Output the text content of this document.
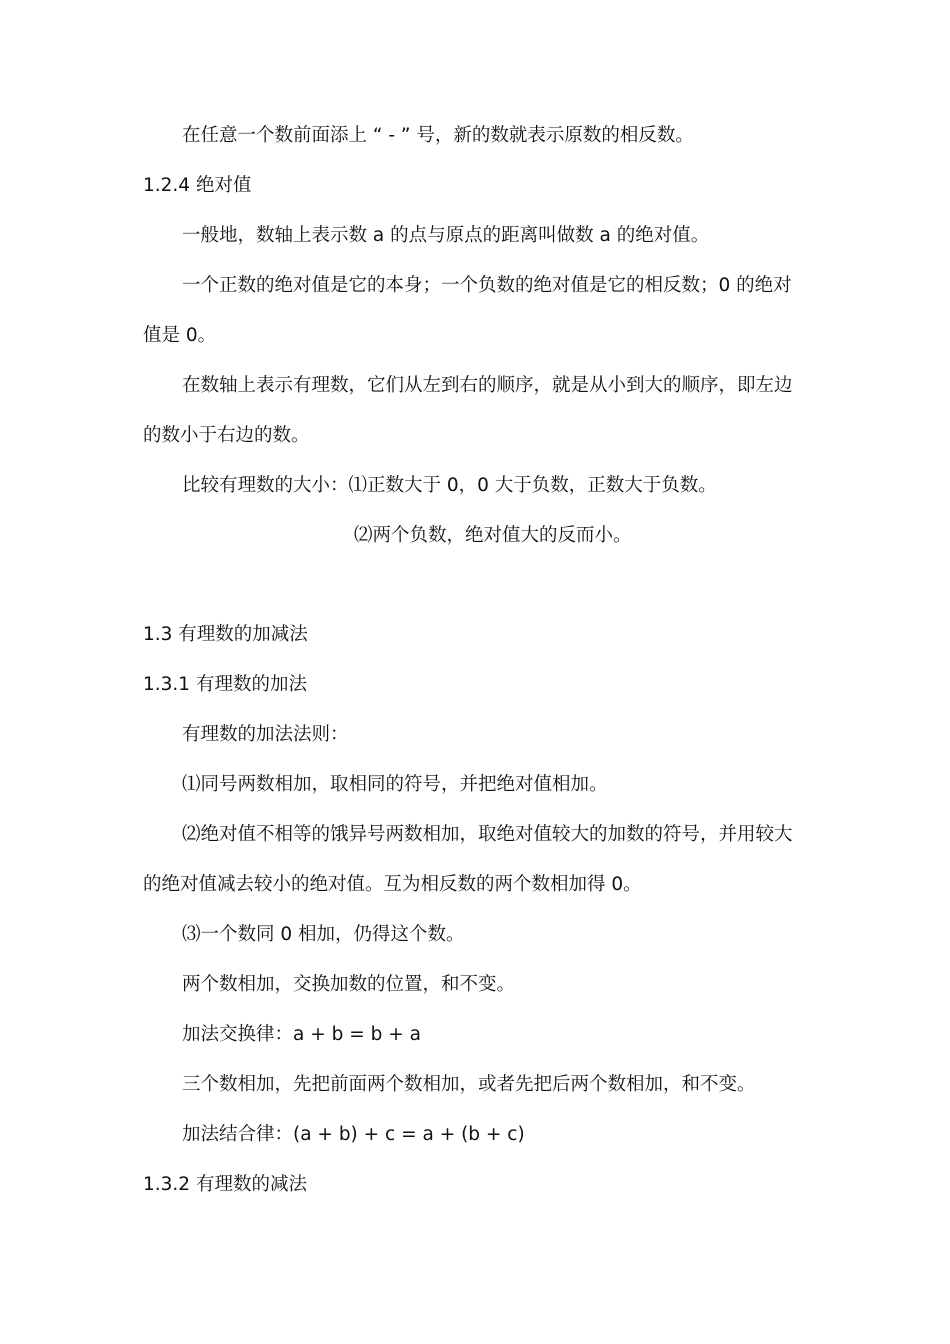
在任意一个数前面添上 “ - ” 号，新的数就表示原数的相反数。

1.2.4 绝对值

一般地，数轴上表示数 a 的点与原点的距离叫做数 a 的绝对值。

一个正数的绝对值是它的本身；一个负数的绝对值是它的相反数；0 的绝对

值是 0。

在数轴上表示有理数，它们从左到右的顺序，就是从小到大的顺序，即左边

的数小于右边的数。

比较有理数的大小：⑴正数大于 0，0 大于负数，正数大于负数。

⑵两个负数，绝对值大的反而小。

1.3 有理数的加减法

1.3.1 有理数的加法

有理数的加法法则：

⑴同号两数相加，取相同的符号，并把绝对值相加。

⑵绝对值不相等的饿异号两数相加，取绝对值较大的加数的符号，并用较大

的绝对值减去较小的绝对值。互为相反数的两个数相加得 0。

⑶一个数同 0 相加，仍得这个数。

两个数相加，交换加数的位置，和不变。

加法交换律：a + b = b + a

三个数相加，先把前面两个数相加，或者先把后两个数相加，和不变。

加法结合律：(a + b) + c = a + (b + c)

1.3.2 有理数的减法
